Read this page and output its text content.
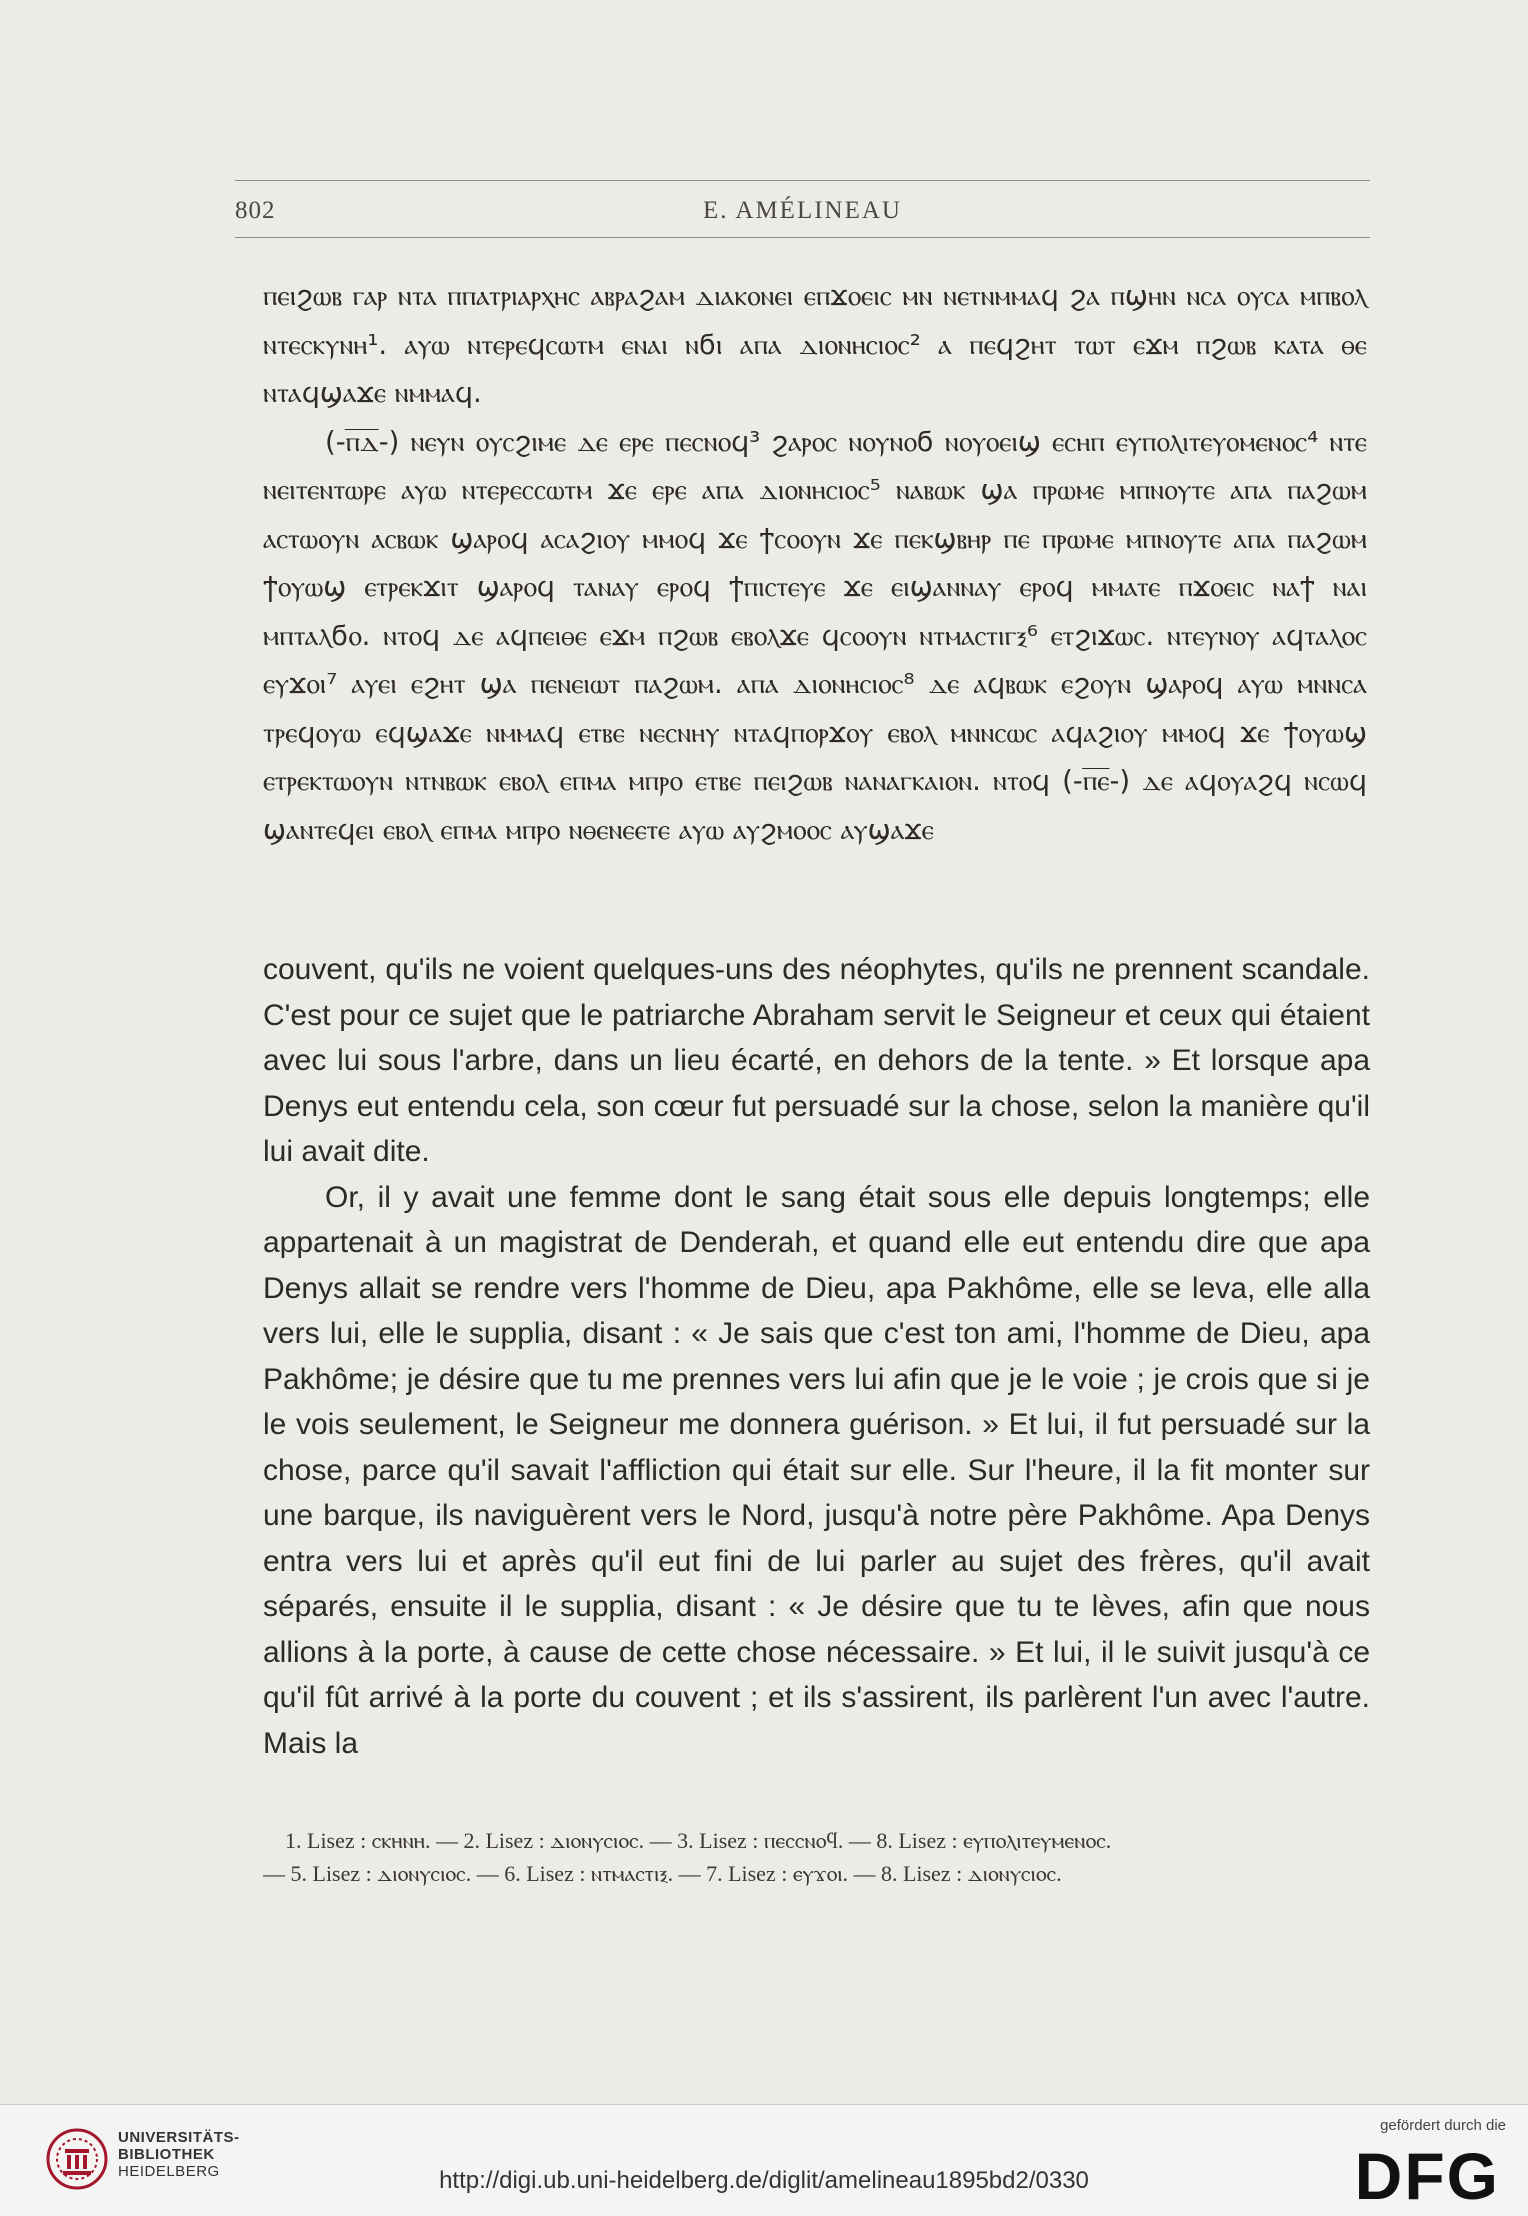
802	E. AMÉLINEAU

ⲡⲉⲓϩⲱⲃ ⲅⲁⲣ ⲛⲧⲁ ⲡⲡⲁⲧⲣⲓⲁⲣⲭⲏⲥ ⲁⲃⲣⲁϩⲁⲙ ⲇⲓⲁⲕⲟⲛⲉⲓ ⲉⲡϫⲟⲉⲓⲥ ⲙⲛ ⲛⲉⲧⲛⲙⲙⲁϥ ϩⲁ ⲡϣⲏⲛ ⲛⲥⲁ ⲟⲩⲥⲁ ⲙⲡⲃⲟⲗ ⲛⲧⲉⲥⲕⲩⲛⲏ¹. ⲁⲩⲱ ⲛⲧⲉⲣⲉϥⲥⲱⲧⲙ ⲉⲛⲁⲓ ⲛϭⲓ ⲁⲡⲁ ⲇⲓⲟⲛⲏⲥⲓⲟⲥ² ⲁ ⲡⲉϥϩⲏⲧ ⲧⲱⲧ ⲉϫⲙ ⲡϩⲱⲃ ⲕⲁⲧⲁ ⲑⲉ ⲛⲧⲁϥϣⲁϫⲉ ⲛⲙⲙⲁϥ.

(-ⲡ̅ⲇ̅-) ⲛⲉⲩⲛ ⲟⲩⲥϩⲓⲙⲉ ⲇⲉ ⲉⲣⲉ ⲡⲉⲥⲛⲟϥ³ ϩⲁⲣⲟⲥ ⲛⲟⲩⲛⲟϭ ⲛⲟⲩⲟⲉⲓϣ ⲉⲥⲏⲡ ⲉⲩⲡⲟⲗⲓⲧⲉⲩⲟⲙⲉⲛⲟⲥ⁴ ⲛⲧⲉ ⲛⲉⲓⲧⲉⲛⲧⲱⲣⲉ ⲁⲩⲱ ⲛⲧⲉⲣⲉⲥⲥⲱⲧⲙ ϫⲉ ⲉⲣⲉ ⲁⲡⲁ ⲇⲓⲟⲛⲏⲥⲓⲟⲥ⁵ ⲛⲁⲃⲱⲕ ϣⲁ ⲡⲣⲱⲙⲉ ⲙⲡⲛⲟⲩⲧⲉ ⲁⲡⲁ ⲡⲁϩⲱⲙ ⲁⲥⲧⲱⲟⲩⲛ ⲁⲥⲃⲱⲕ ϣⲁⲣⲟϥ ⲁⲥⲁϩⲓⲟⲩ ⲙⲙⲟϥ ϫⲉ ϯⲥⲟⲟⲩⲛ ϫⲉ ⲡⲉⲕϣⲃⲏⲣ ⲡⲉ ⲡⲣⲱⲙⲉ ⲙⲡⲛⲟⲩⲧⲉ ⲁⲡⲁ ⲡⲁϩⲱⲙ ϯⲟⲩⲱϣ ⲉⲧⲣⲉⲕϫⲓⲧ ϣⲁⲣⲟϥ ⲧⲁⲛⲁⲩ ⲉⲣⲟϥ ϯⲡⲓⲥⲧⲉⲩⲉ ϫⲉ ⲉⲓϣⲁⲛⲛⲁⲩ ⲉⲣⲟϥ ⲙⲙⲁⲧⲉ ⲡϫⲟⲉⲓⲥ ⲛⲁϯ ⲛⲁⲓ ⲙⲡⲧⲁⲗϭⲟ. ⲛⲧⲟϥ ⲇⲉ ⲁϥⲡⲉⲓⲑⲉ ⲉϫⲙ ⲡϩⲱⲃ ⲉⲃⲟⲗϫⲉ ϥⲥⲟⲟⲩⲛ ⲛⲧⲙⲁⲥⲧⲓⲅⲝ⁶ ⲉⲧϩⲓϫⲱⲥ. ⲛⲧⲉⲩⲛⲟⲩ ⲁϥⲧⲁⲗⲟⲥ ⲉⲩϫⲟⲓ⁷ ⲁⲩⲉⲓ ⲉϩⲏⲧ ϣⲁ ⲡⲉⲛⲉⲓⲱⲧ ⲡⲁϩⲱⲙ. ⲁⲡⲁ ⲇⲓⲟⲛⲏⲥⲓⲟⲥ⁸ ⲇⲉ ⲁϥⲃⲱⲕ ⲉϩⲟⲩⲛ ϣⲁⲣⲟϥ ⲁⲩⲱ ⲙⲛⲛⲥⲁ ⲧⲣⲉϥⲟⲩⲱ ⲉϥϣⲁϫⲉ ⲛⲙⲙⲁϥ ⲉⲧⲃⲉ ⲛⲉⲥⲛⲏⲩ ⲛⲧⲁϥⲡⲟⲣϫⲟⲩ ⲉⲃⲟⲗ ⲙⲛⲛⲥⲱⲥ ⲁϥⲁϩⲓⲟⲩ ⲙⲙⲟϥ ϫⲉ ϯⲟⲩⲱϣ ⲉⲧⲣⲉⲕⲧⲱⲟⲩⲛ ⲛⲧⲛⲃⲱⲕ ⲉⲃⲟⲗ ⲉⲡⲙⲁ ⲙⲡⲣⲟ ⲉⲧⲃⲉ ⲡⲉⲓϩⲱⲃ ⲛⲁⲛⲁⲅⲕⲁⲓⲟⲛ. ⲛⲧⲟϥ (-ⲡ̅ⲉ̅-) ⲇⲉ ⲁϥⲟⲩⲁϩϥ ⲛⲥⲱϥ ϣⲁⲛⲧⲉϥⲉⲓ ⲉⲃⲟⲗ ⲉⲡⲙⲁ ⲙⲡⲣⲟ ⲛⲑⲉⲛⲉⲉⲧⲉ ⲁⲩⲱ ⲁⲩϩⲙⲟⲟⲥ ⲁⲩϣⲁϫⲉ

couvent, qu'ils ne voient quelques-uns des néophytes, qu'ils ne prennent scandale. C'est pour ce sujet que le patriarche Abraham servit le Seigneur et ceux qui étaient avec lui sous l'arbre, dans un lieu écarté, en dehors de la tente. » Et lorsque apa Denys eut entendu cela, son cœur fut persuadé sur la chose, selon la manière qu'il lui avait dite.

Or, il y avait une femme dont le sang était sous elle depuis longtemps; elle appartenait à un magistrat de Denderah, et quand elle eut entendu dire que apa Denys allait se rendre vers l'homme de Dieu, apa Pakhôme, elle se leva, elle alla vers lui, elle le supplia, disant : « Je sais que c'est ton ami, l'homme de Dieu, apa Pakhôme; je désire que tu me prennes vers lui afin que je le voie ; je crois que si je le vois seulement, le Seigneur me donnera guérison. » Et lui, il fut persuadé sur la chose, parce qu'il savait l'affliction qui était sur elle. Sur l'heure, il la fit monter sur une barque, ils naviguèrent vers le Nord, jusqu'à notre père Pakhôme. Apa Denys entra vers lui et après qu'il eut fini de lui parler au sujet des frères, qu'il avait séparés, ensuite il le supplia, disant : « Je désire que tu te lèves, afin que nous allions à la porte, à cause de cette chose nécessaire. » Et lui, il le suivit jusqu'à ce qu'il fût arrivé à la porte du couvent ; et ils s'assirent, ils parlèrent l'un avec l'autre. Mais la

1. Lisez : ⲥⲕⲏⲛⲏ. — 2. Lisez : ⲇⲓⲟⲛⲩⲥⲓⲟⲥ. — 3. Lisez : ⲡⲉⲥⲥⲛⲟϥ. — 8. Lisez : ⲉⲩⲡⲟⲗⲓⲧⲉⲩⲙⲉⲛⲟⲥ.

— 5. Lisez : ⲇⲓⲟⲛⲩⲥⲓⲟⲥ. — 6. Lisez : ⲛⲧⲙⲁⲥⲧⲓⲝ. — 7. Lisez : ⲉⲩϫⲟⲓ. — 8. Lisez : ⲇⲓⲟⲛⲩⲥⲓⲟⲥ.

UNIVERSITÄTS-
BIBLIOTHEK
HEIDELBERG	http://digi.ub.uni-heidelberg.de/diglit/amelineau1895bd2/0330
gefördert durch die
DFG
